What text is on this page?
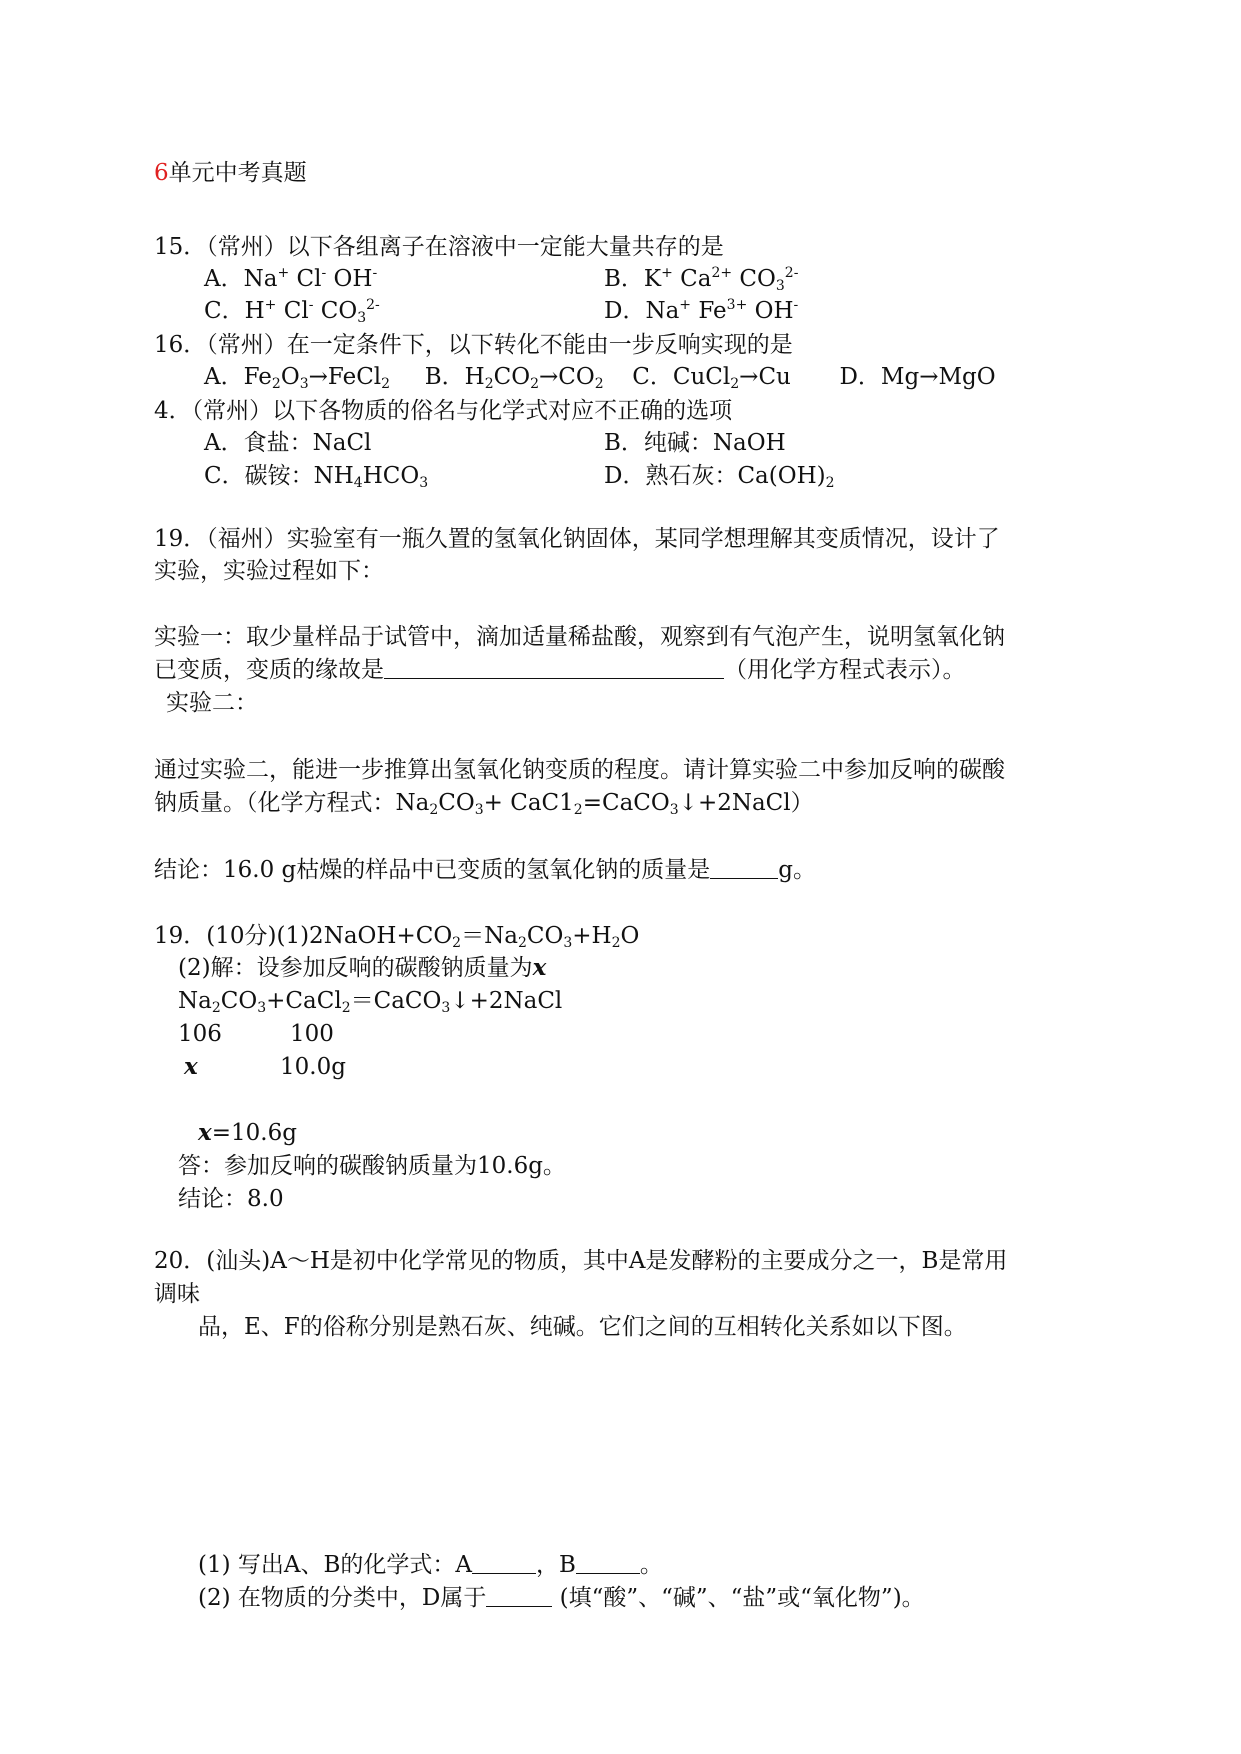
6单元中考真题
15．（常州）以下各组离子在溶液中一定能大量共存的是
A．Na+ Cl- OH-	B．K+ $Ca^{2+}$ $CO_3^{2-}$
C．H+ Cl- $CO_3^{2-}$	D．Na+ $Fe^{3+}$ OH-
16．（常州）在一定条件下，以下转化不能由一步反响实现的是
A．$Fe_2O_3\to FeCl_2$ B．$H_2CO_2\to CO_2$ C．CuCl$_2$→Cu D．Mg→MgO
4．（常州）以下各物质的俗名与化学式对应不正确的选项
A．食盐：NaCl	B．纯碱：NaOH
C．碳铵：$NH_4HCO_3$	D．熟石灰：$Ca(OH)_2$
19．（福州）实验室有一瓶久置的氢氧化钠固体，某同学想理解其变质情况，设计了
实验，实验过程如下：
实验一：取少量样品于试管中，滴加适量稀盐酸，观察到有气泡产生，说明氢氧化钠
已变质，变质的缘故是	（用化学方程式表示）。
实验二：
通过实验二，能进一步推算出氢氧化钠变质的程度。请计算实验二中参加反响的碳酸
钠质量。（化学方程式：$Na_2CO_3+$ $CaC1_2=CaCO_3↓+2NaCl$）
结论：16.0 g枯燥的样品中已变质的氢氧化钠的质量是	g。
19．(10分)$(1)2NaOH+CO_2=Na_2CO_3+H_2O$
(2)解：设参加反响的碳酸钠质量为x
$Na_2CO_3+CaCl_2=CaCO_3↓+2NaCl$
106	100
x	10.0g
x=10.6g
答：参加反响的碳酸钠质量为10.6g。
结论：8.0
20．(汕头)A～H是初中化学常见的物质，其中A是发酵粉的主要成分之一，B是常用
调味
品，E、F的俗称分别是熟石灰、纯碱。它们之间的互相转化关系如以下图。
(1) 写出A、B的化学式：A	，B	。
(2) 在物质的分类中，D属于	(填“酸”、“碱”、“盐”或“氧化物”)。
